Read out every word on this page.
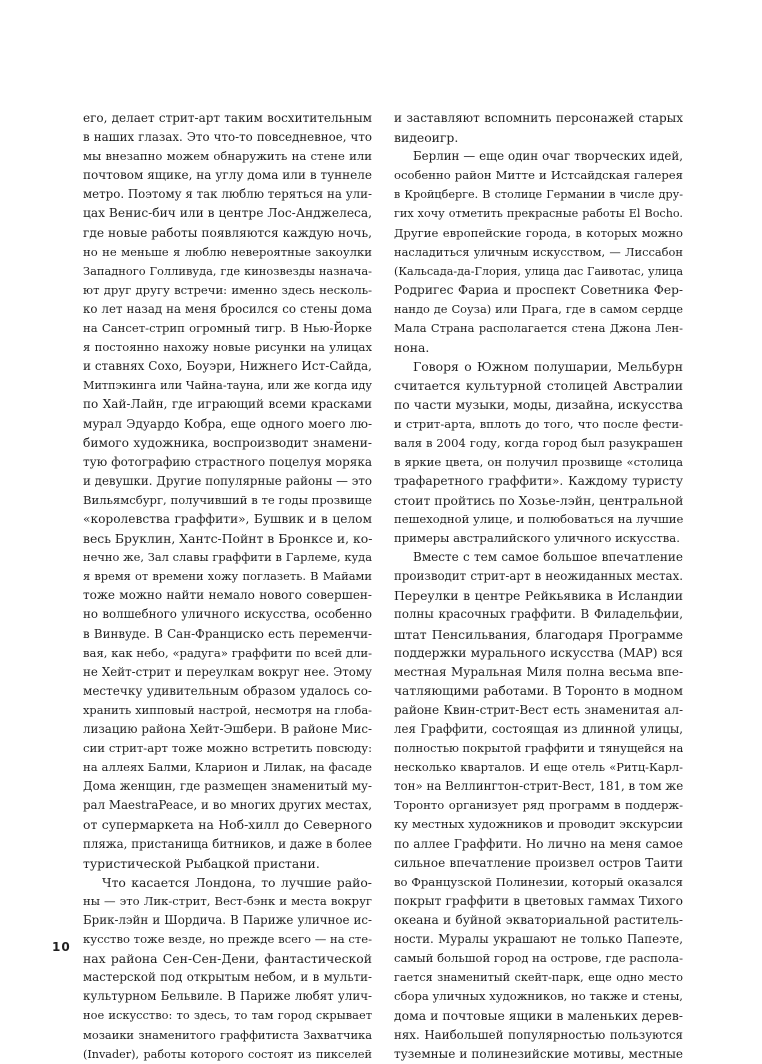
его, делает стрит-арт таким восхитительным
в наших глазах. Это что-то повседневное, что
мы внезапно можем обнаружить на стене или
почтовом ящике, на углу дома или в туннеле
метро. Поэтому я так люблю теряться на ули-
цах Венис-бич или в центре Лос-Анджелеса,
где новые работы появляются каждую ночь,
но не меньше я люблю невероятные закоулки
Западного Голливуда, где кинозвезды назнача-
ют друг другу встречи: именно здесь несколь-
ко лет назад на меня бросился со стены дома
на Сансет-стрип огромный тигр. В Нью-Йорке
я постоянно нахожу новые рисунки на улицах
и ставнях Сохо, Боуэри, Нижнего Ист-Сайда,
Митпэкинга или Чайна-тауна, или же когда иду
по Хай-Лайн, где играющий всеми красками
мурал Эдуардо Кобра, еще одного моего лю-
бимого художника, воспроизводит знамени-
тую фотографию страстного поцелуя моряка
и девушки. Другие популярные районы — это
Вильямсбург, получивший в те годы прозвище
«королевства граффити», Бушвик и в целом
весь Бруклин, Хантс-Пойнт в Бронксе и, ко-
нечно же, Зал славы граффити в Гарлеме, куда
я время от времени хожу поглазеть. В Майами
тоже можно найти немало нового совершен-
но волшебного уличного искусства, особенно
в Винвуде. В Сан-Франциско есть переменчи-
вая, как небо, «радуга» граффити по всей дли-
не Хейт-стрит и переулкам вокруг нее. Этому
местечку удивительным образом удалось со-
хранить хипповый настрой, несмотря на глоба-
лизацию района Хейт-Эшбери. В районе Мис-
сии стрит-арт тоже можно встретить повсюду:
на аллеях Балми, Кларион и Лилак, на фасаде
Дома женщин, где размещен знаменитый му-
рал MaestraPeace, и во многих других местах,
от супермаркета на Ноб-хилл до Северного
пляжа, пристанища битников, и даже в более
туристической Рыбацкой пристани.
Что касается Лондона, то лучшие райо-
ны — это Лик-стрит, Вест-бэнк и места вокруг
Брик-лэйн и Шордича. В Париже уличное ис-
кусство тоже везде, но прежде всего — на сте-
нах района Сен-Сен-Дени, фантастической
мастерской под открытым небом, и в мульти-
культурном Бельвиле. В Париже любят улич-
ное искусство: то здесь, то там город скрывает
мозаики знаменитого граффитиста Захватчика
(Invader), работы которого состоят из пикселей
и заставляют вспомнить персонажей старых
видеоигр.
Берлин — еще один очаг творческих идей,
особенно район Митте и Истсайдская галерея
в Кройцберге. В столице Германии в числе дру-
гих хочу отметить прекрасные работы El Bocho.
Другие европейские города, в которых можно
насладиться уличным искусством, — Лиссабон
(Кальсада-да-Глория, улица дас Гаивотас, улица
Родригес Фариа и проспект Советника Фер-
нандо де Соуза) или Прага, где в самом сердце
Мала Страна располагается стена Джона Лен-
нона.
Говоря о Южном полушарии, Мельбурн
считается культурной столицей Австралии
по части музыки, моды, дизайна, искусства
и стрит-арта, вплоть до того, что после фести-
валя в 2004 году, когда город был разукрашен
в яркие цвета, он получил прозвище «столица
трафаретного граффити». Каждому туристу
стоит пройтись по Хозье-лэйн, центральной
пешеходной улице, и полюбоваться на лучшие
примеры австралийского уличного искусства.
Вместе с тем самое большое впечатление
производит стрит-арт в неожиданных местах.
Переулки в центре Рейкьявика в Исландии
полны красочных граффити. В Филадельфии,
штат Пенсильвания, благодаря Программе
поддержки мурального искусства (MAP) вся
местная Муральная Миля полна весьма впе-
чатляющими работами. В Торонто в модном
районе Квин-стрит-Вест есть знаменитая ал-
лея Граффити, состоящая из длинной улицы,
полностью покрытой граффити и тянущейся на
несколько кварталов. И еще отель «Ритц-Карл-
тон» на Веллингтон-стрит-Вест, 181, в том же
Торонто организует ряд программ в поддерж-
ку местных художников и проводит экскурсии
по аллее Граффити. Но лично на меня самое
сильное впечатление произвел остров Таити
во Французской Полинезии, который оказался
покрыт граффити в цветовых гаммах Тихого
океана и буйной экваториальной раститель-
ности. Муралы украшают не только Папеэте,
самый большой город на острове, где распола-
гается знаменитый скейт-парк, еще одно место
сбора уличных художников, но также и стены,
дома и почтовые ящики в маленьких дерев-
нях. Наибольшей популярностью пользуются
туземные и полинезийские мотивы, местные
10
